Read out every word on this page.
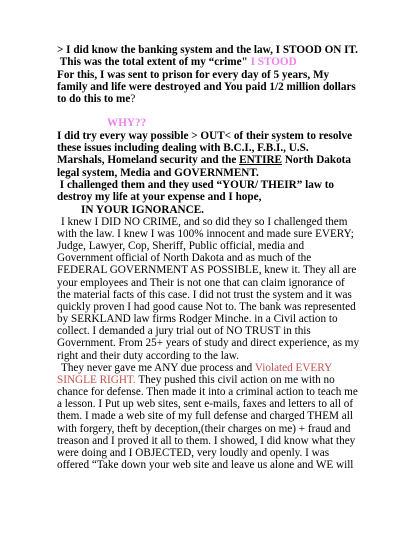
> I did know the banking system and the law, I STOOD ON IT.
This was the total extent of my “crime" I STOOD
For this, I was sent to prison for every day of 5 years, My
family and life were destroyed and You paid 1/2 million dollars
to do this to me?
WHY??
I did try every way possible > OUT< of their system to resolve
these issues including dealing with B.C.I., F.B.I., U.S.
Marshals, Homeland security and the ENTIRE North Dakota
legal system, Media and GOVERNMENT.
I challenged them and they used “YOUR/ THEIR” law to
destroy my life at your expense and I hope,
IN YOUR IGNORANCE.
I knew I DID NO CRIME, and so did they so I challenged them
with the law. I knew I was 100% innocent and made sure EVERY;
Judge, Lawyer, Cop, Sheriff, Public official, media and
Government official of North Dakota and as much of the
FEDERAL GOVERNMENT AS POSSIBLE, knew it. They all are
your employees and Their is not one that can claim ignorance of
the material facts of this case. I did not trust the system and it was
quickly proven I had good cause Not to. The bank was represented
by SERKLAND law firms Rodger Minche. in a Civil action to
collect. I demanded a jury trial out of NO TRUST in this
Government. From 25+ years of study and direct experience, as my
right and their duty according to the law.
They never gave me ANY due process and Violated EVERY
SINGLE RIGHT. They pushed this civil action on me with no
chance for defense. Then made it into a criminal action to teach me
a lesson. I Put up web sites, sent e-mails, faxes and letters to all of
them. I made a web site of my full defense and charged THEM all
with forgery, theft by deception,(their charges on me) + fraud and
treason and I proved it all to them. I showed, I did know what they
were doing and I OBJECTED, very loudly and openly. I was
offered “Take down your web site and leave us alone and WE will
